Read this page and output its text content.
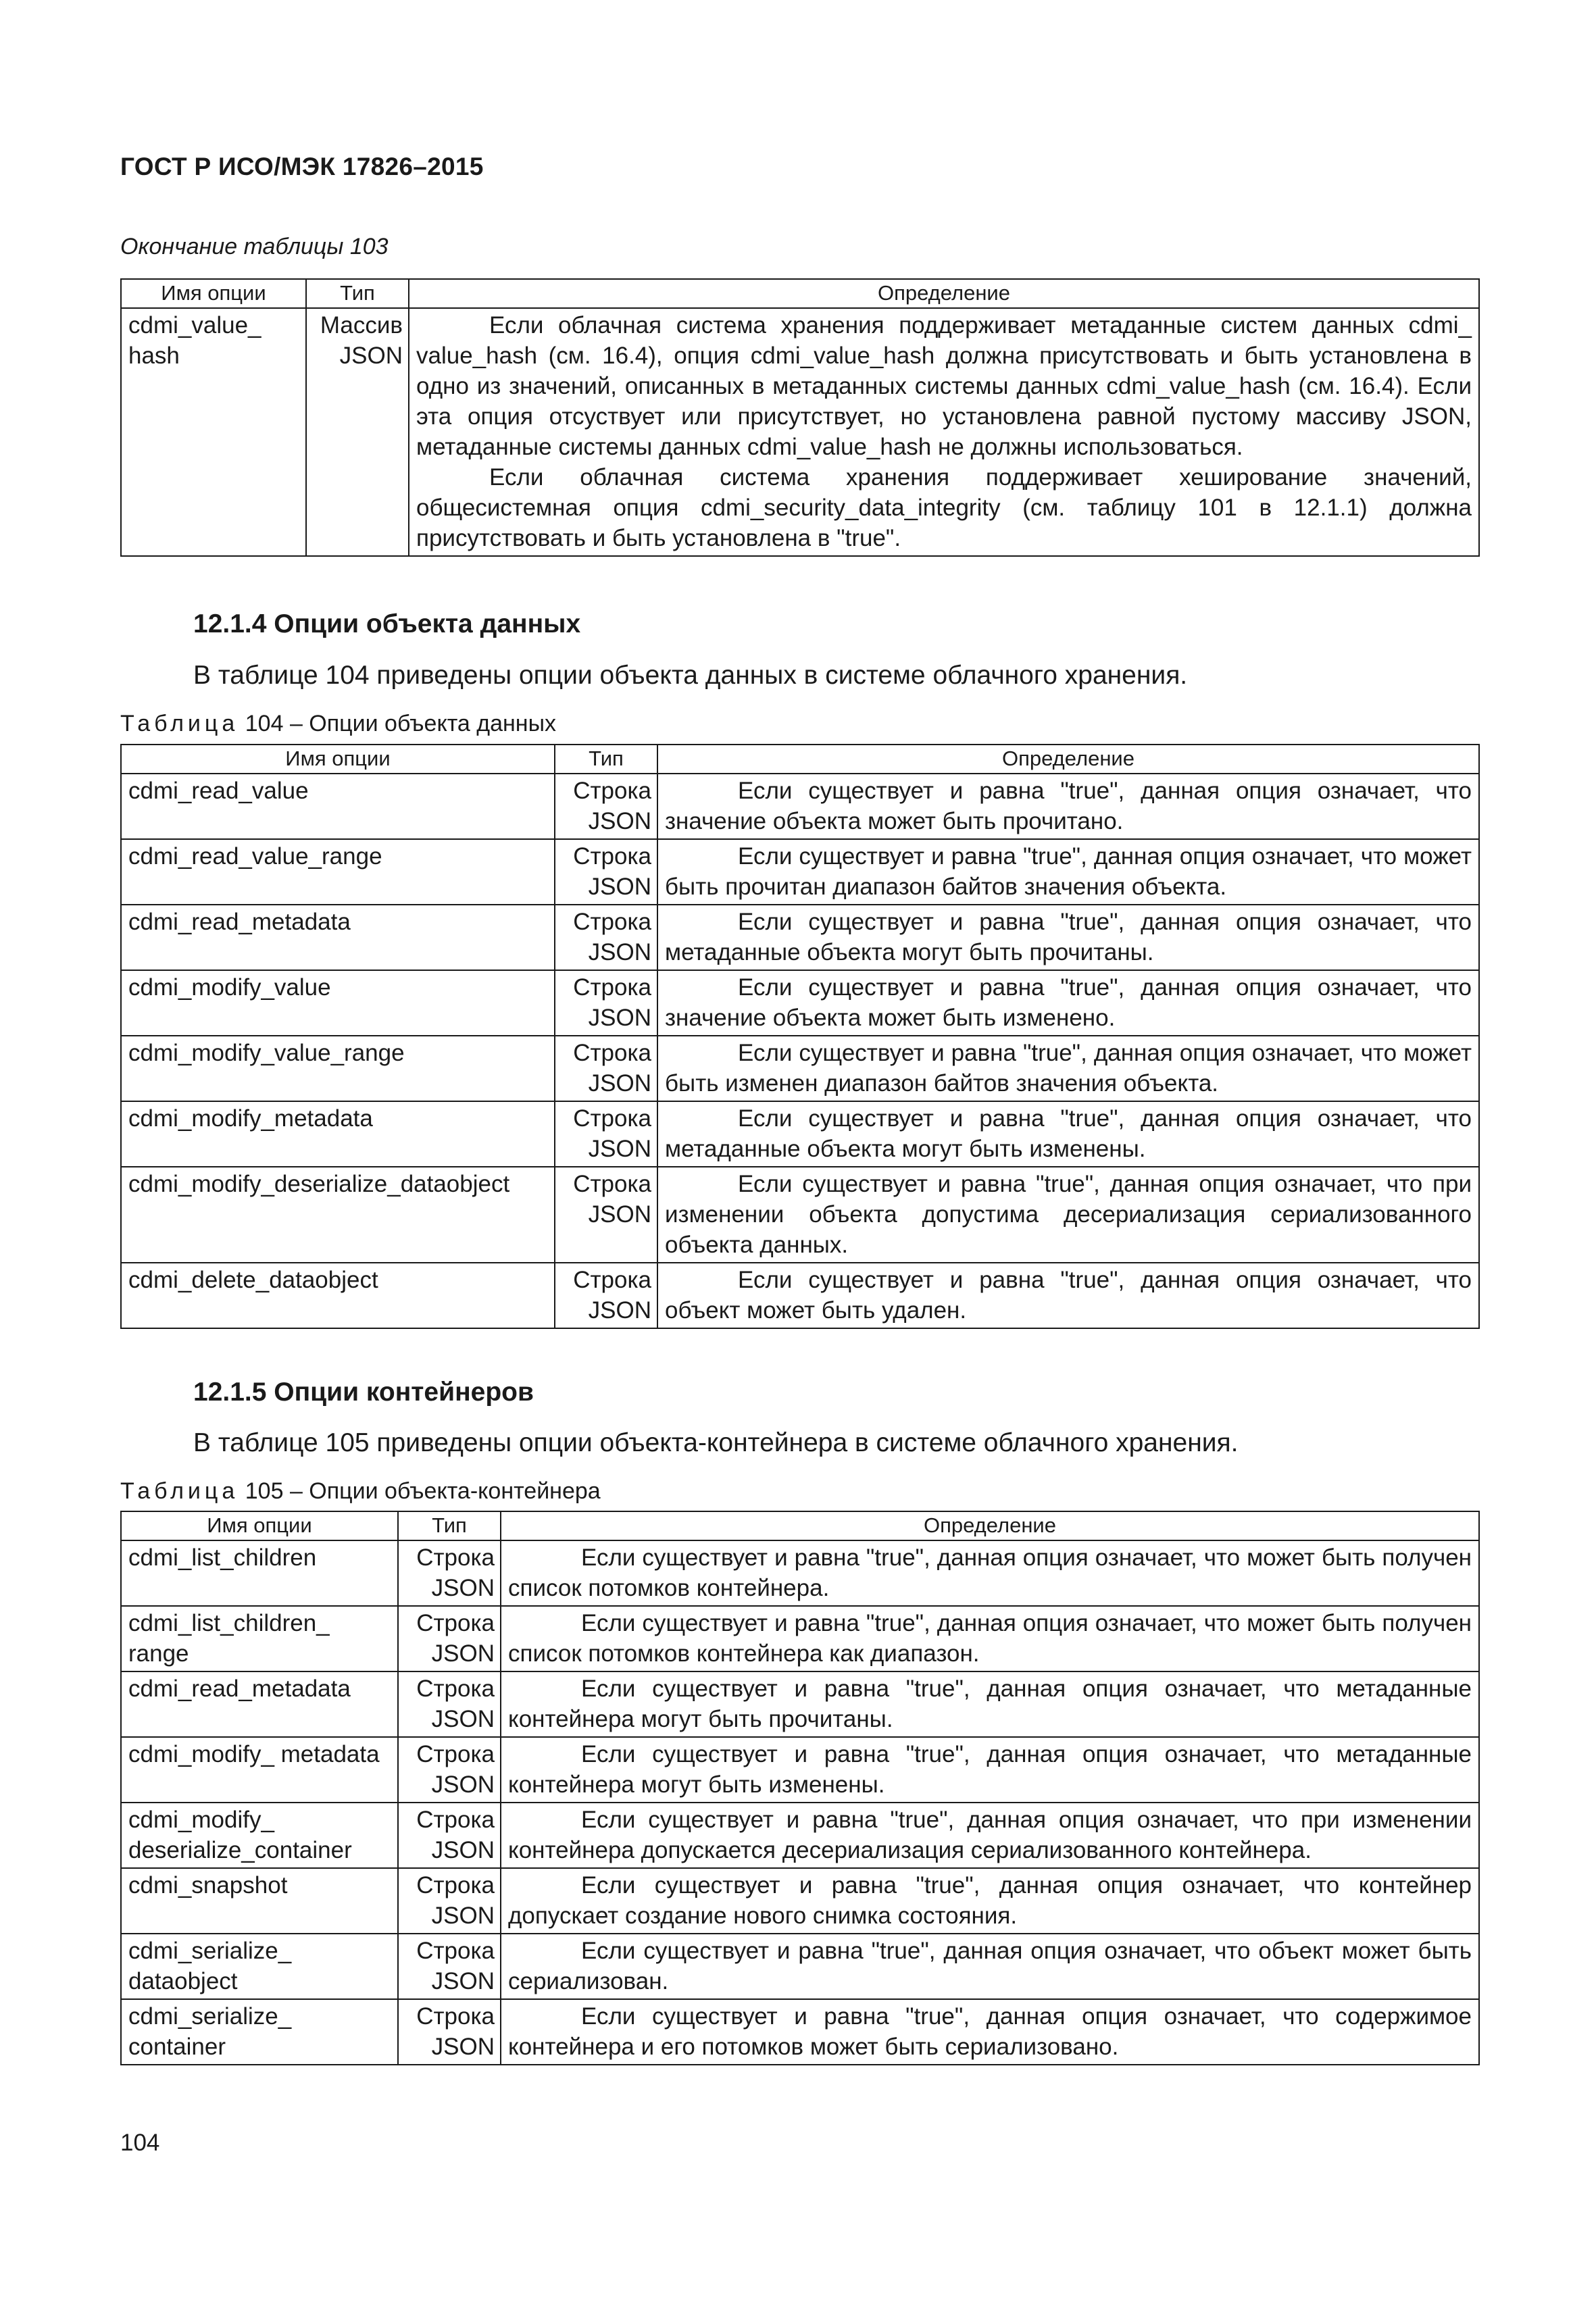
ГОСТ Р ИСО/МЭК 17826–2015
Окончание таблицы 103
Имя опции	Тип	Определение
cdmi_value_ hash	Массив JSON	Если облачная система хранения поддерживает метаданные систем данных cdmi_ value_hash (см. 16.4), опция cdmi_value_hash должна присутствовать и быть установлена в одно из значений, описанных в метаданных системы данных cdmi_value_hash (см. 16.4). Если эта опция отсуствует или присутствует, но установлена равной пустому массиву JSON, метаданные системы данных cdmi_value_hash не должны использоваться.
Если облачная система хранения поддерживает хеширование значений, общесистемная опция cdmi_security_data_integrity (см. таблицу 101 в 12.1.1) должна присутствовать и быть установлена в "true".
12.1.4 Опции объекта данных
В таблице 104 приведены опции объекта данных в системе облачного хранения.
Таблица 104 – Опции объекта данных
Имя опции	Тип	Определение
cdmi_read_value	Строка JSON	Если существует и равна "true", данная опция означает, что значение объекта может быть прочитано.
cdmi_read_value_range	Строка JSON	Если существует и равна "true", данная опция означает, что может быть прочитан диапазон байтов значения объекта.
cdmi_read_metadata	Строка JSON	Если существует и равна "true", данная опция означает, что метаданные объекта могут быть прочитаны.
cdmi_modify_value	Строка JSON	Если существует и равна "true", данная опция означает, что значение объекта может быть изменено.
cdmi_modify_value_range	Строка JSON	Если существует и равна "true", данная опция означает, что может быть изменен диапазон байтов значения объекта.
cdmi_modify_metadata	Строка JSON	Если существует и равна "true", данная опция означает, что метаданные объекта могут быть изменены.
cdmi_modify_deserialize_dataobject	Строка JSON	Если существует и равна "true", данная опция означает, что при изменении объекта допустима десериализация сериализованного объекта данных.
cdmi_delete_dataobject	Строка JSON	Если существует и равна "true", данная опция означает, что объект может быть удален.
12.1.5 Опции контейнеров
В таблице 105 приведены опции объекта-контейнера в системе облачного хранения.
Таблица 105 – Опции объекта-контейнера
Имя опции	Тип	Определение
cdmi_list_children	Строка JSON	Если существует и равна "true", данная опция означает, что может быть получен список потомков контейнера.
cdmi_list_children_ range	Строка JSON	Если существует и равна "true", данная опция означает, что может быть получен список потомков контейнера как диапазон.
cdmi_read_metadata	Строка JSON	Если существует и равна "true", данная опция означает, что метаданные контейнера могут быть прочитаны.
cdmi_modify_ metadata	Строка JSON	Если существует и равна "true", данная опция означает, что метаданные контейнера могут быть изменены.
cdmi_modify_ deserialize_container	Строка JSON	Если существует и равна "true", данная опция означает, что при изменении контейнера допускается десериализация сериализованного контейнера.
cdmi_snapshot	Строка JSON	Если существует и равна "true", данная опция означает, что контейнер допускает создание нового снимка состояния.
cdmi_serialize_ dataobject	Строка JSON	Если существует и равна "true", данная опция означает, что объект может быть сериализован.
cdmi_serialize_ container	Строка JSON	Если существует и равна "true", данная опция означает, что содержимое контейнера и его потомков может быть сериализовано.
104
